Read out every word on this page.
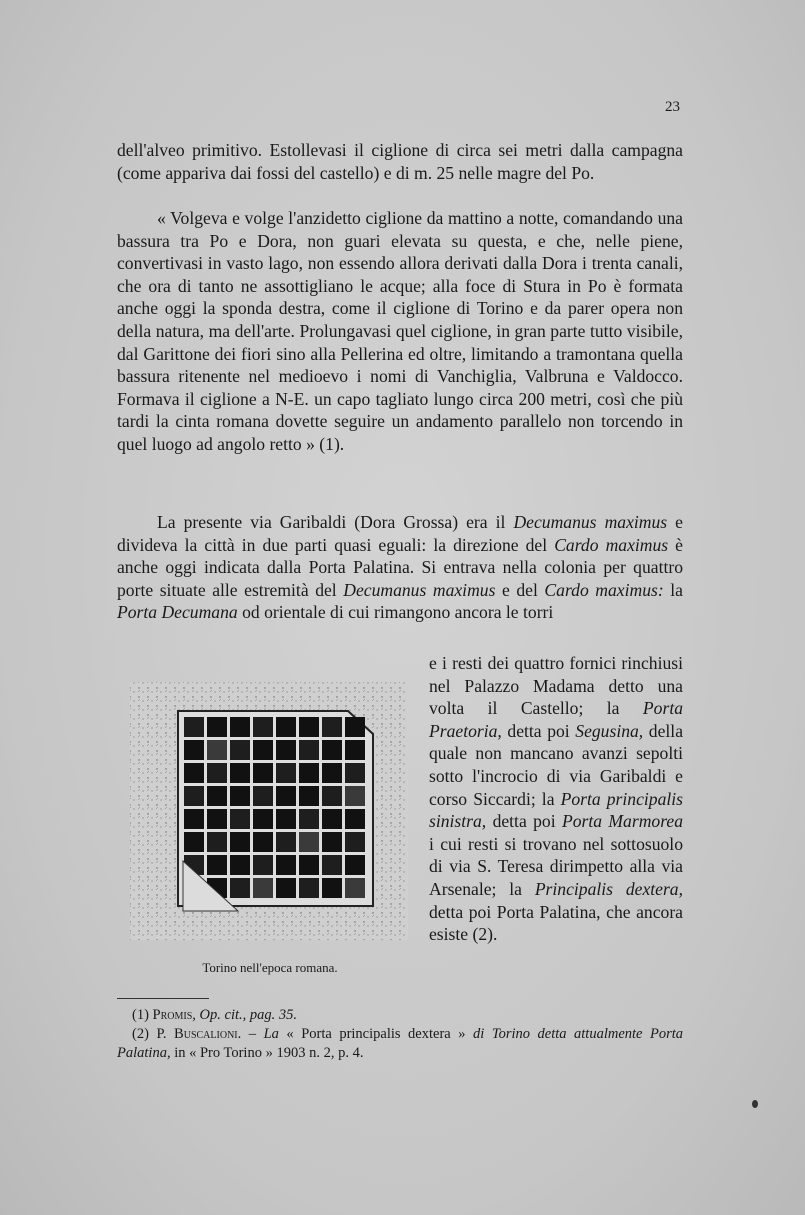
23

dell'alveo primitivo. Estollevasi il ciglione di circa sei metri dalla campagna (come appariva dai fossi del castello) e di m. 25 nelle magre del Po.

« Volgeva e volge l'anzidetto ciglione da mattino a notte, comandando una bassura tra Po e Dora, non guari elevata su questa, e che, nelle piene, convertivasi in vasto lago, non essendo allora derivati dalla Dora i trenta canali, che ora di tanto ne assottigliano le acque; alla foce di Stura in Po è formata anche oggi la sponda destra, come il ciglione di Torino e da parer opera non della natura, ma dell'arte. Prolungavasi quel ciglione, in gran parte tutto visibile, dal Garittone dei fiori sino alla Pellerina ed oltre, limitando a tramontana quella bassura ritenente nel medioevo i nomi di Vanchiglia, Valbruna e Valdocco. Formava il ciglione a N-E. un capo tagliato lungo circa 200 metri, così che più tardi la cinta romana dovette seguire un andamento parallelo non torcendo in quel luogo ad angolo retto » (1).

La presente via Garibaldi (Dora Grossa) era il Decumanus maximus e divideva la città in due parti quasi eguali: la direzione del Cardo maximus è anche oggi indicata dalla Porta Palatina. Si entrava nella colonia per quattro porte situate alle estremità del Decumanus maximus e del Cardo maximus: la Porta Decumana od orientale di cui rimangono ancora le torri

e i resti dei quattro fornici rinchiusi nel Palazzo Madama detto una volta il Castello; la Porta Praetoria, detta poi Segusina, della quale non mancano avanzi sepolti sotto l'incrocio di via Garibaldi e corso Siccardi; la Porta principalis sinistra, detta poi Porta Marmorea i cui resti si trovano nel sottosuolo di via S. Teresa dirimpetto alla via Arsenale; la Principalis dextera, detta poi Porta Palatina, che ancora esiste (2).

Torino nell'epoca romana.
(1) Promis, Op. cit., pag. 35.
(2) P. Buscalioni. – La « Porta principalis dextera » di Torino detta attualmente Porta Palatina, in « Pro Torino » 1903 n. 2, p. 4.
